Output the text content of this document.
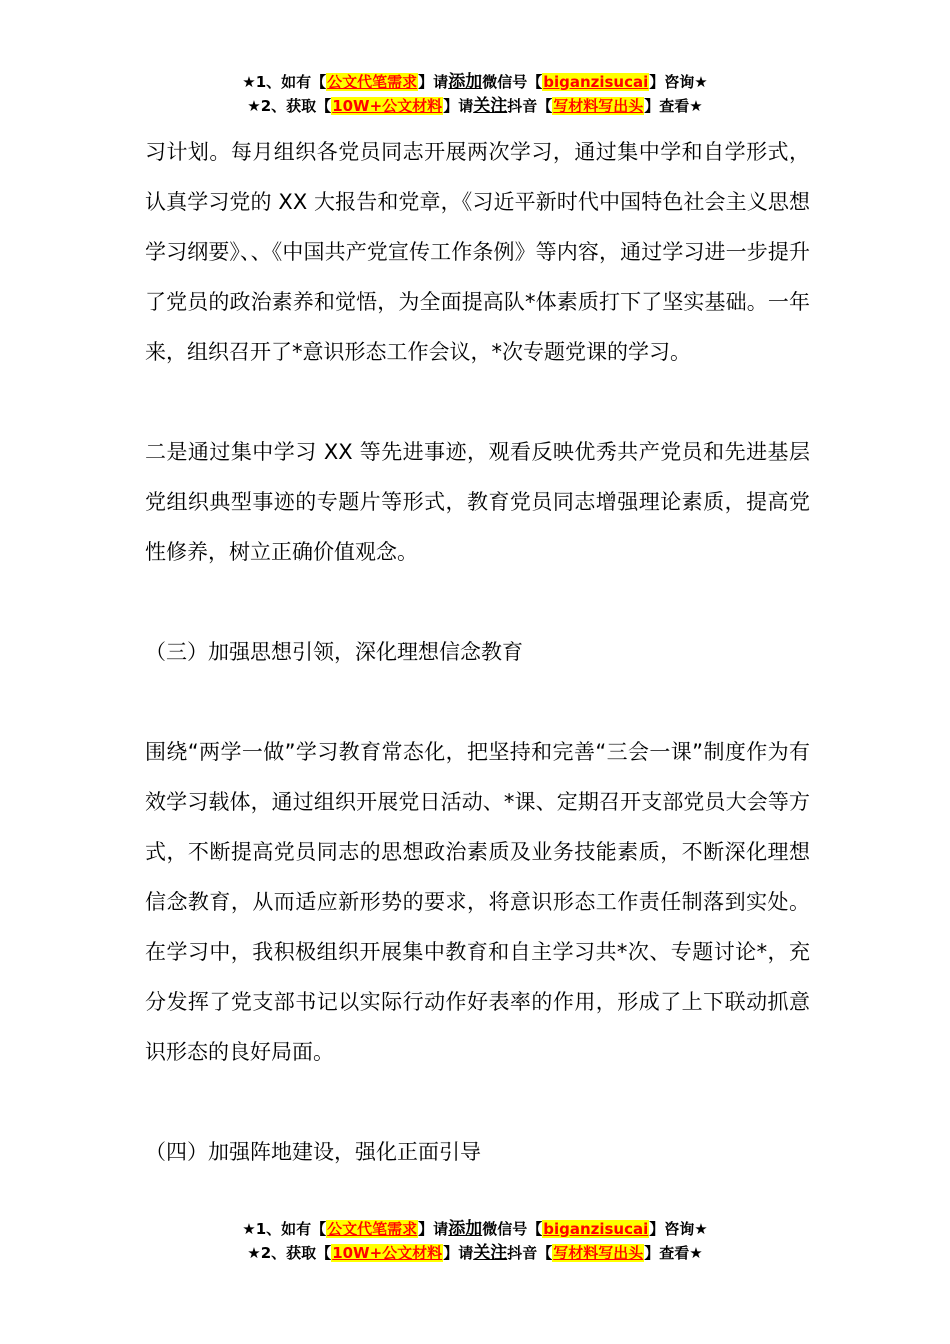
★1、如有【公文代笔需求】请添加微信号【biganzisucai】咨询★
★2、获取【10W+公文材料】请关注抖音【写材料写出头】查看★

习计划。每月组织各党员同志开展两次学习，通过集中学和自学形式，认真学习党的 XX 大报告和党章，《习近平新时代中国特色社会主义思想学习纲要》、、《中国共产党宣传工作条例》等内容，通过学习进一步提升了党员的政治素养和觉悟，为全面提高队*体素质打下了坚实基础。一年来，组织召开了*意识形态工作会议，*次专题党课的学习。

二是通过集中学习 XX 等先进事迹，观看反映优秀共产党员和先进基层党组织典型事迹的专题片等形式，教育党员同志增强理论素质，提高党性修养，树立正确价值观念。

（三）加强思想引领，深化理想信念教育

围绕“两学一做”学习教育常态化，把坚持和完善“三会一课”制度作为有效学习载体，通过组织开展党日活动、*课、定期召开支部党员大会等方式，不断提高党员同志的思想政治素质及业务技能素质，不断深化理想信念教育，从而适应新形势的要求，将意识形态工作责任制落到实处。在学习中，我积极组织开展集中教育和自主学习共*次、专题讨论*，充分发挥了党支部书记以实际行动作好表率的作用，形成了上下联动抓意识形态的良好局面。

（四）加强阵地建设，强化正面引导

★1、如有【公文代笔需求】请添加微信号【biganzisucai】咨询★
★2、获取【10W+公文材料】请关注抖音【写材料写出头】查看★
